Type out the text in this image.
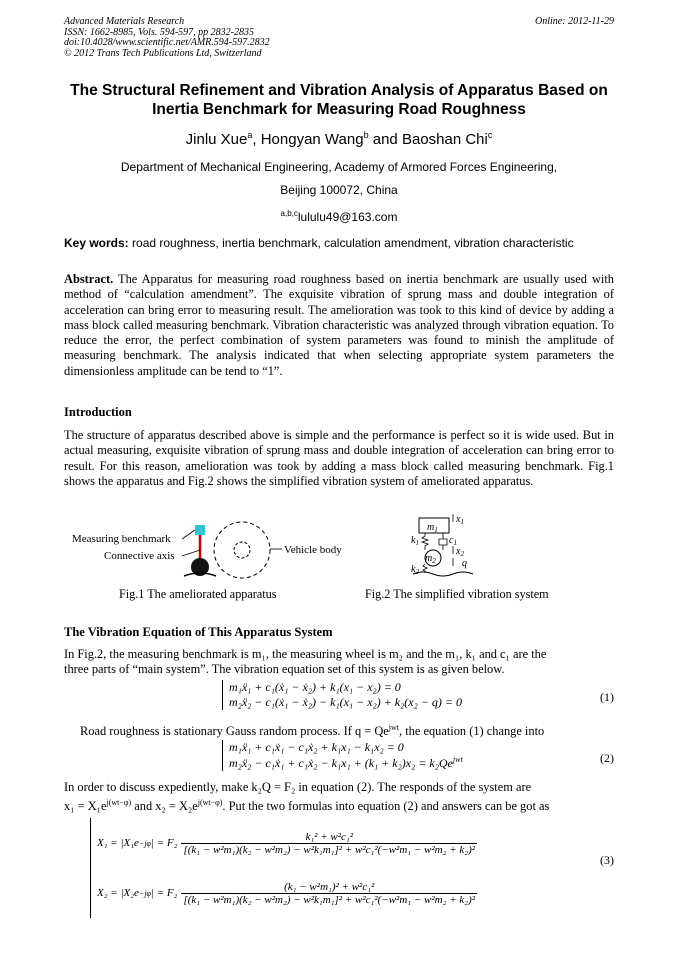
Advanced Materials Research
ISSN: 1662-8985, Vols. 594-597, pp 2832-2835
doi:10.4028/www.scientific.net/AMR.594-597.2832
© 2012 Trans Tech Publications Ltd, Switzerland
Online: 2012-11-29
The Structural Refinement and Vibration Analysis of Apparatus Based on
Inertia Benchmark for Measuring Road Roughness
Jinlu Xue$^a$, Hongyan Wang$^b$ and Baoshan Chi$^c$
Department of Mechanical Engineering, Academy of Armored Forces Engineering,
Beijing 100072, China
$^{a,b,c}$lululu49@163.com
Key words: road roughness, inertia benchmark, calculation amendment, vibration characteristic
Abstract. The Apparatus for measuring road roughness based on inertia benchmark are usually used with method of “calculation amendment”. The exquisite vibration of sprung mass and double integration of acceleration can bring error to measuring result. The amelioration was took to this kind of device by adding a mass block called measuring benchmark. Vibration characteristic was analyzed through vibration equation. To reduce the error, the perfect combination of system parameters was found to minish the amplitude of measuring benchmark. The analysis indicated that when selecting appropriate system parameters the dimensionless amplitude can be tend to “1”.
Introduction
The structure of apparatus described above is simple and the performance is perfect so it is wide used. But in actual measuring, exquisite vibration of sprung mass and double integration of acceleration can bring error to result. For this reason, amelioration was took by adding a mass block called measuring benchmark. Fig.1 shows the apparatus and Fig.2 shows the simplified vibration system of ameliorated apparatus.
Measuring benchmark
Connective axis	Vehicle body
Fig.1 The ameliorated apparatus
$m_1$
$k_1$	$c_1$
$m_2$
$k_2$
$x_1$
$x_2$
q
Fig.2 The simplified vibration system
The Vibration Equation of This Apparatus System
In Fig.2, the measuring benchmark is m₁, the measuring wheel is m₂ and the m₁, k₁ and c₁ are the
three parts of “main system”. The vibration equation set of this system is as given below.
m₁ẍ₁ + c₁(ẋ₁ − ẋ₂) + k₁(x₁ − x₂) = 0
m₂ẍ₂ − c₁(ẋ₁ − ẋ₂) − k₁(x₁ − x₂) + k₂(x₂ − q) = 0	(1)
Road roughness is stationary Gauss random process. If $q = Qe^{jwt}$, the equation (1) change into
m₁ẍ₁ + c₁ẋ₁ − c₁ẋ₂ + k₁x₁ − k₁x₂ = 0
m₂ẍ₂ − c₁ẋ₁ + c₁ẋ₂ − $k_1x_1 + (k_1 + k_2)x_2 = k_2Qe^{jwt}$	(2)
In order to discuss expediently, make k₂Q = F₂ in equation (2). The responds of the system are
$x_1 = X_1e^{j(wt-\varphi)}$ and $x_2 = X_2e^{j(wt-\varphi)}$. Put the two formulas into equation (2) and answers can be got as
X₁ = |X₁e −jφ | = F₂
k₁² + w²c₁²
[(k₁ − w²m₁)(k₂ − w²m₂) − w²k₁m₁]² + w²c₁²(−w²m₁ − w²m₂ + k₂)²
X₂ = |X₂e −jφ | = F₂
(k₁ − w²m₁)² + w²c₁²
[(k₁ − w²m₁)(k₂ − w²m₂) − w²k₁m₁]² + w²c₁²(−w²m₁ − w²m₂ + k₂)²
(3)
